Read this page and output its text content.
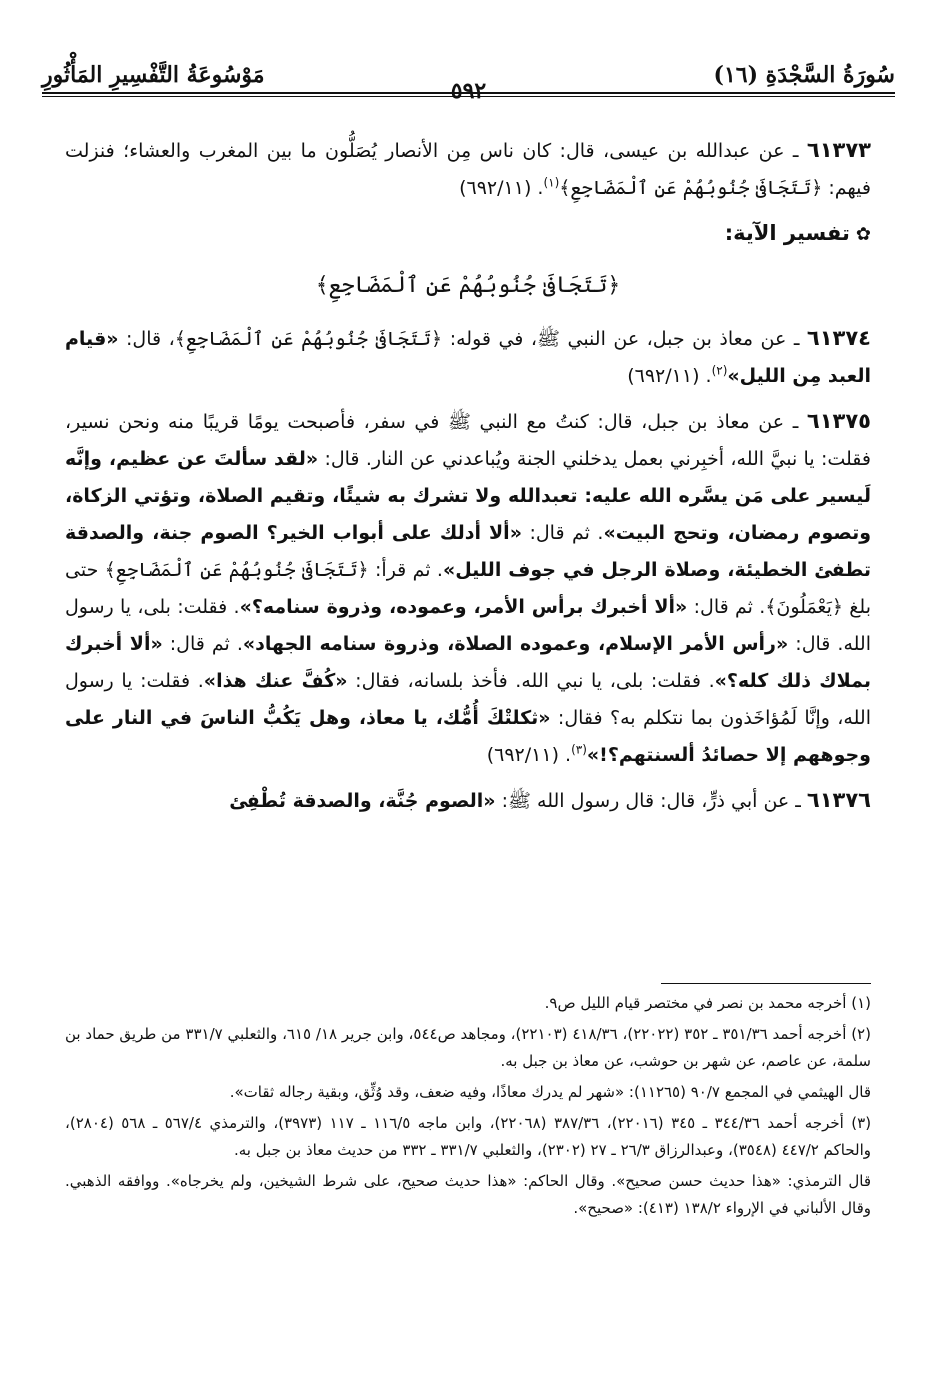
سُورَةُ السَّجْدَةِ (١٦)
مَوْسُوعَةُ التَّفْسِيرِ المَأْثُورِ
٥٩٢

٦١٣٧٣ ـ عن عبدالله بن عيسى، قال: كان ناس مِن الأنصار يُصَلُّون ما بين المغرب والعشاء؛ فنزلت فيهم: ﴿تَتَجَافَىٰ جُنُوبُهُمْ عَنِ ٱلْمَضَاجِعِ﴾$^{(١)}$. (٦٩٢/١١)

✿تفسير الآية:
﴿تَتَجَافَىٰ جُنُوبُهُمْ عَنِ ٱلْمَضَاجِعِ﴾

٦١٣٧٤ ـ عن معاذ بن جبل، عن النبي ﷺ، في قوله: ﴿تَتَجَافَىٰ جُنُوبُهُمْ عَنِ ٱلْمَضَاجِعِ﴾، قال: «قيام العبد مِن الليل»$^{(٢)}$. (٦٩٢/١١)

٦١٣٧٥ ـ عن معاذ بن جبل، قال: كنتُ مع النبي ﷺ في سفر، فأصبحت يومًا قريبًا منه ونحن نسير، فقلت: يا نبيَّ الله، أخبِرني بعمل يدخلني الجنة ويُباعدني عن النار. قال: «لقد سألتَ عن عظيم، وإنَّه لَيسير على مَن يسَّره الله عليه: تعبدالله ولا تشرك به شيئًا، وتقيم الصلاة، وتؤتي الزكاة، وتصوم رمضان، وتحج البيت». ثم قال: «ألا أدلك على أبواب الخير؟ الصوم جنة، والصدقة تطفئ الخطيئة، وصلاة الرجل في جوف الليل». ثم قرأ: ﴿تَتَجَافَىٰ جُنُوبُهُمْ عَنِ ٱلْمَضَاجِعِ﴾ حتى بلغ ﴿يَعْمَلُونَ﴾. ثم قال: «ألا أخبرك برأس الأمر، وعموده، وذروة سنامه؟». فقلت: بلى، يا رسول الله. قال: «رأس الأمر الإسلام، وعموده الصلاة، وذروة سنامه الجهاد». ثم قال: «ألا أخبرك بملاك ذلك كله؟». فقلت: بلى، يا نبي الله. فأخذ بلسانه، فقال: «كُفَّ عنك هذا». فقلت: يا رسول الله، وإنَّا لَمُؤاخَذون بما نتكلم به؟ فقال: «ثكلتْكَ أُمُّك، يا معاذ، وهل يَكُبُّ الناسَ في النار على وجوههم إلا حصائدُ ألسنتهم؟!»$^{(٣)}$. (٦٩٢/١١)

٦١٣٧٦ ـ عن أبي ذرٍّ، قال: قال رسول الله ﷺ: «الصوم جُنَّة، والصدقة تُطْفِئ

(١) أخرجه محمد بن نصر في مختصر قيام الليل ص٩.

(٢) أخرجه أحمد ٣٥١/٣٦ ـ ٣٥٢ (٢٢٠٢٢)، ٤١٨/٣٦ (٢٢١٠٣)، ومجاهد ص٥٤٤، وابن جرير ١٨/ ٦١٥، والثعلبي ٣٣١/٧ من طريق حماد بن سلمة، عن عاصم، عن شهر بن حوشب، عن معاذ بن جبل به.

قال الهيثمي في المجمع ٩٠/٧ (١١٢٦٥): «شهر لم يدرك معاذًا، وفيه ضعف، وقد وُثِّق، وبقية رجاله ثقات».

(٣) أخرجه أحمد ٣٤٤/٣٦ ـ ٣٤٥ (٢٢٠١٦)، ٣٨٧/٣٦ (٢٢٠٦٨)، وابن ماجه ١١٦/٥ ـ ١١٧ (٣٩٧٣)، والترمذي ٥٦٧/٤ ـ ٥٦٨ (٢٨٠٤)، والحاكم ٤٤٧/٢ (٣٥٤٨)، وعبدالرزاق ٢٦/٣ ـ ٢٧ (٢٣٠٢)، والثعلبي ٣٣١/٧ ـ ٣٣٢ من حديث معاذ بن جبل به.

قال الترمذي: «هذا حديث حسن صحيح». وقال الحاكم: «هذا حديث صحيح، على شرط الشيخين، ولم يخرجاه». ووافقه الذهبي. وقال الألباني في الإرواء ١٣٨/٢ (٤١٣): «صحيح».
